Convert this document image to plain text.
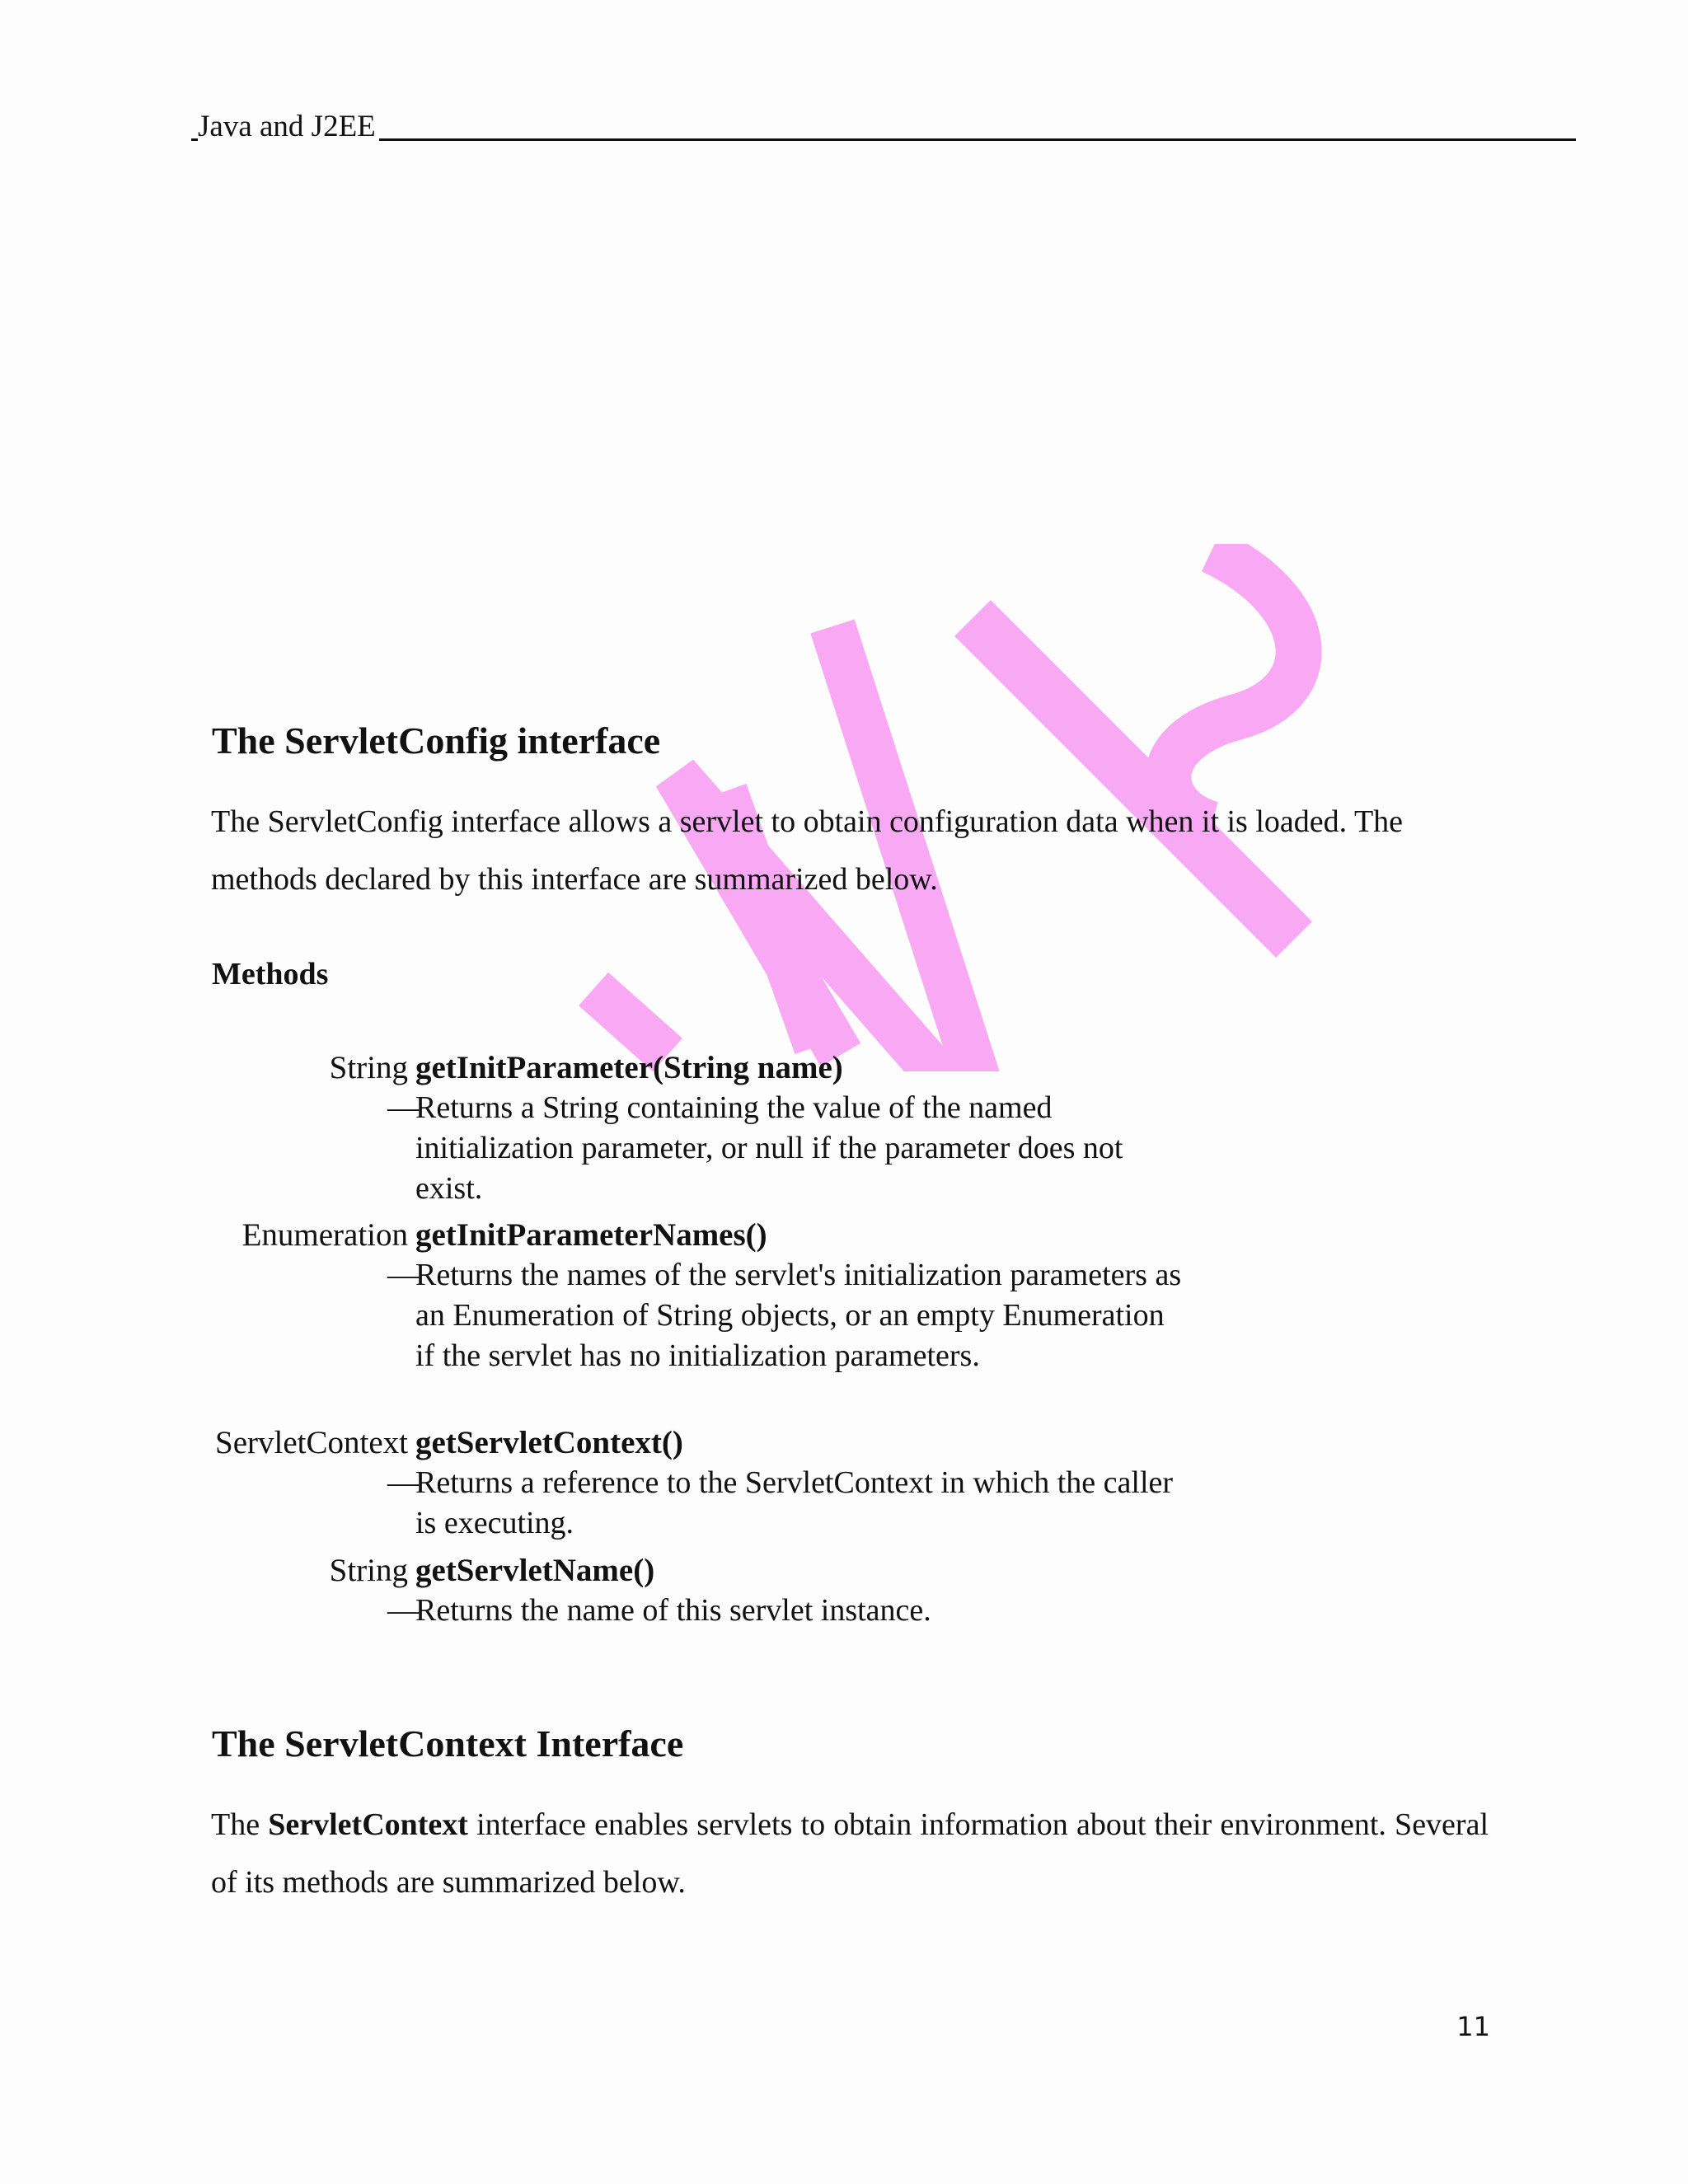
Java and J2EE
The ServletConfig interface

The ServletConfig interface allows a servlet to obtain configuration data when it is loaded. The methods declared by this interface are summarized below.

Methods
String getInitParameter(String name)
—
Returns a String containing the value of the named initialization parameter, or null if the parameter does not exist.
Enumeration getInitParameterNames()
—
Returns the names of the servlet's initialization parameters as an Enumeration of String objects, or an empty Enumeration if the servlet has no initialization parameters.
ServletContext getServletContext()
—
Returns a reference to the ServletContext in which the caller is executing.
String getServletName()
—
Returns the name of this servlet instance.
The ServletContext Interface

The ServletContext interface enables servlets to obtain information about their environment. Several of its methods are summarized below.

11
